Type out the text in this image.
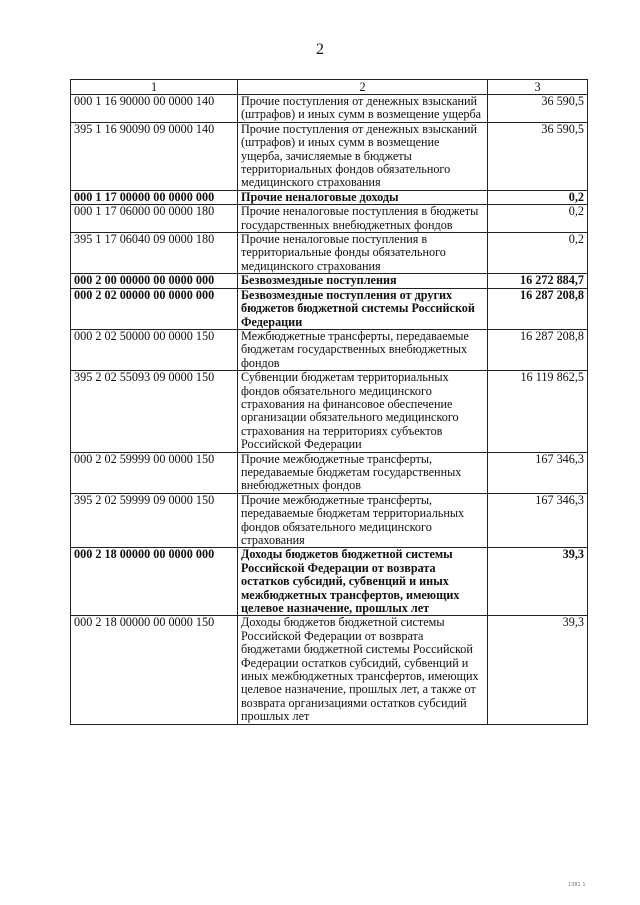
2
1	2	3
000 1 16 90000 00 0000 140	Прочие поступления от денежных взысканий (штрафов) и иных сумм в возмещение ущерба	36 590,5
395 1 16 90090 09 0000 140	Прочие поступления от денежных взысканий (штрафов) и иных сумм в возмещение ущерба, зачисляемые в бюджеты территориальных фондов обязательного медицинского страхования	36 590,5
000 1 17 00000 00 0000 000	Прочие неналоговые доходы	0,2
000 1 17 06000 00 0000 180	Прочие неналоговые поступления в бюджеты государственных внебюджетных фондов	0,2
395 1 17 06040 09 0000 180	Прочие неналоговые поступления в территориальные фонды обязательного медицинского страхования	0,2
000 2 00 00000 00 0000 000	Безвозмездные поступления	16 272 884,7
000 2 02 00000 00 0000 000	Безвозмездные поступления от других бюджетов бюджетной системы Российской Федерации	16 287 208,8
000 2 02 50000 00 0000 150	Межбюджетные трансферты, передаваемые бюджетам государственных внебюджетных фондов	16 287 208,8
395 2 02 55093 09 0000 150	Субвенции бюджетам территориальных фондов обязательного медицинского страхования на финансовое обеспечение организации обязательного медицинского страхования на территориях субъектов Российской Федерации	16 119 862,5
000 2 02 59999 00 0000 150	Прочие межбюджетные трансферты, передаваемые бюджетам государственных внебюджетных фондов	167 346,3
395 2 02 59999 09 0000 150	Прочие межбюджетные трансферты, передаваемые бюджетам территориальных фондов обязательного медицинского страхования	167 346,3
000 2 18 00000 00 0000 000	Доходы бюджетов бюджетной системы Российской Федерации от возврата остатков субсидий, субвенций и иных межбюджетных трансфертов, имеющих целевое назначение, прошлых лет	39,3
000 2 18 00000 00 0000 150	Доходы бюджетов бюджетной системы Российской Федерации от возврата бюджетами бюджетной системы Российской Федерации остатков субсидий, субвенций и иных межбюджетных трансфертов, имеющих целевое назначение, прошлых лет, а также от возврата организациями остатков субсидий прошлых лет	39,3
1381 1
